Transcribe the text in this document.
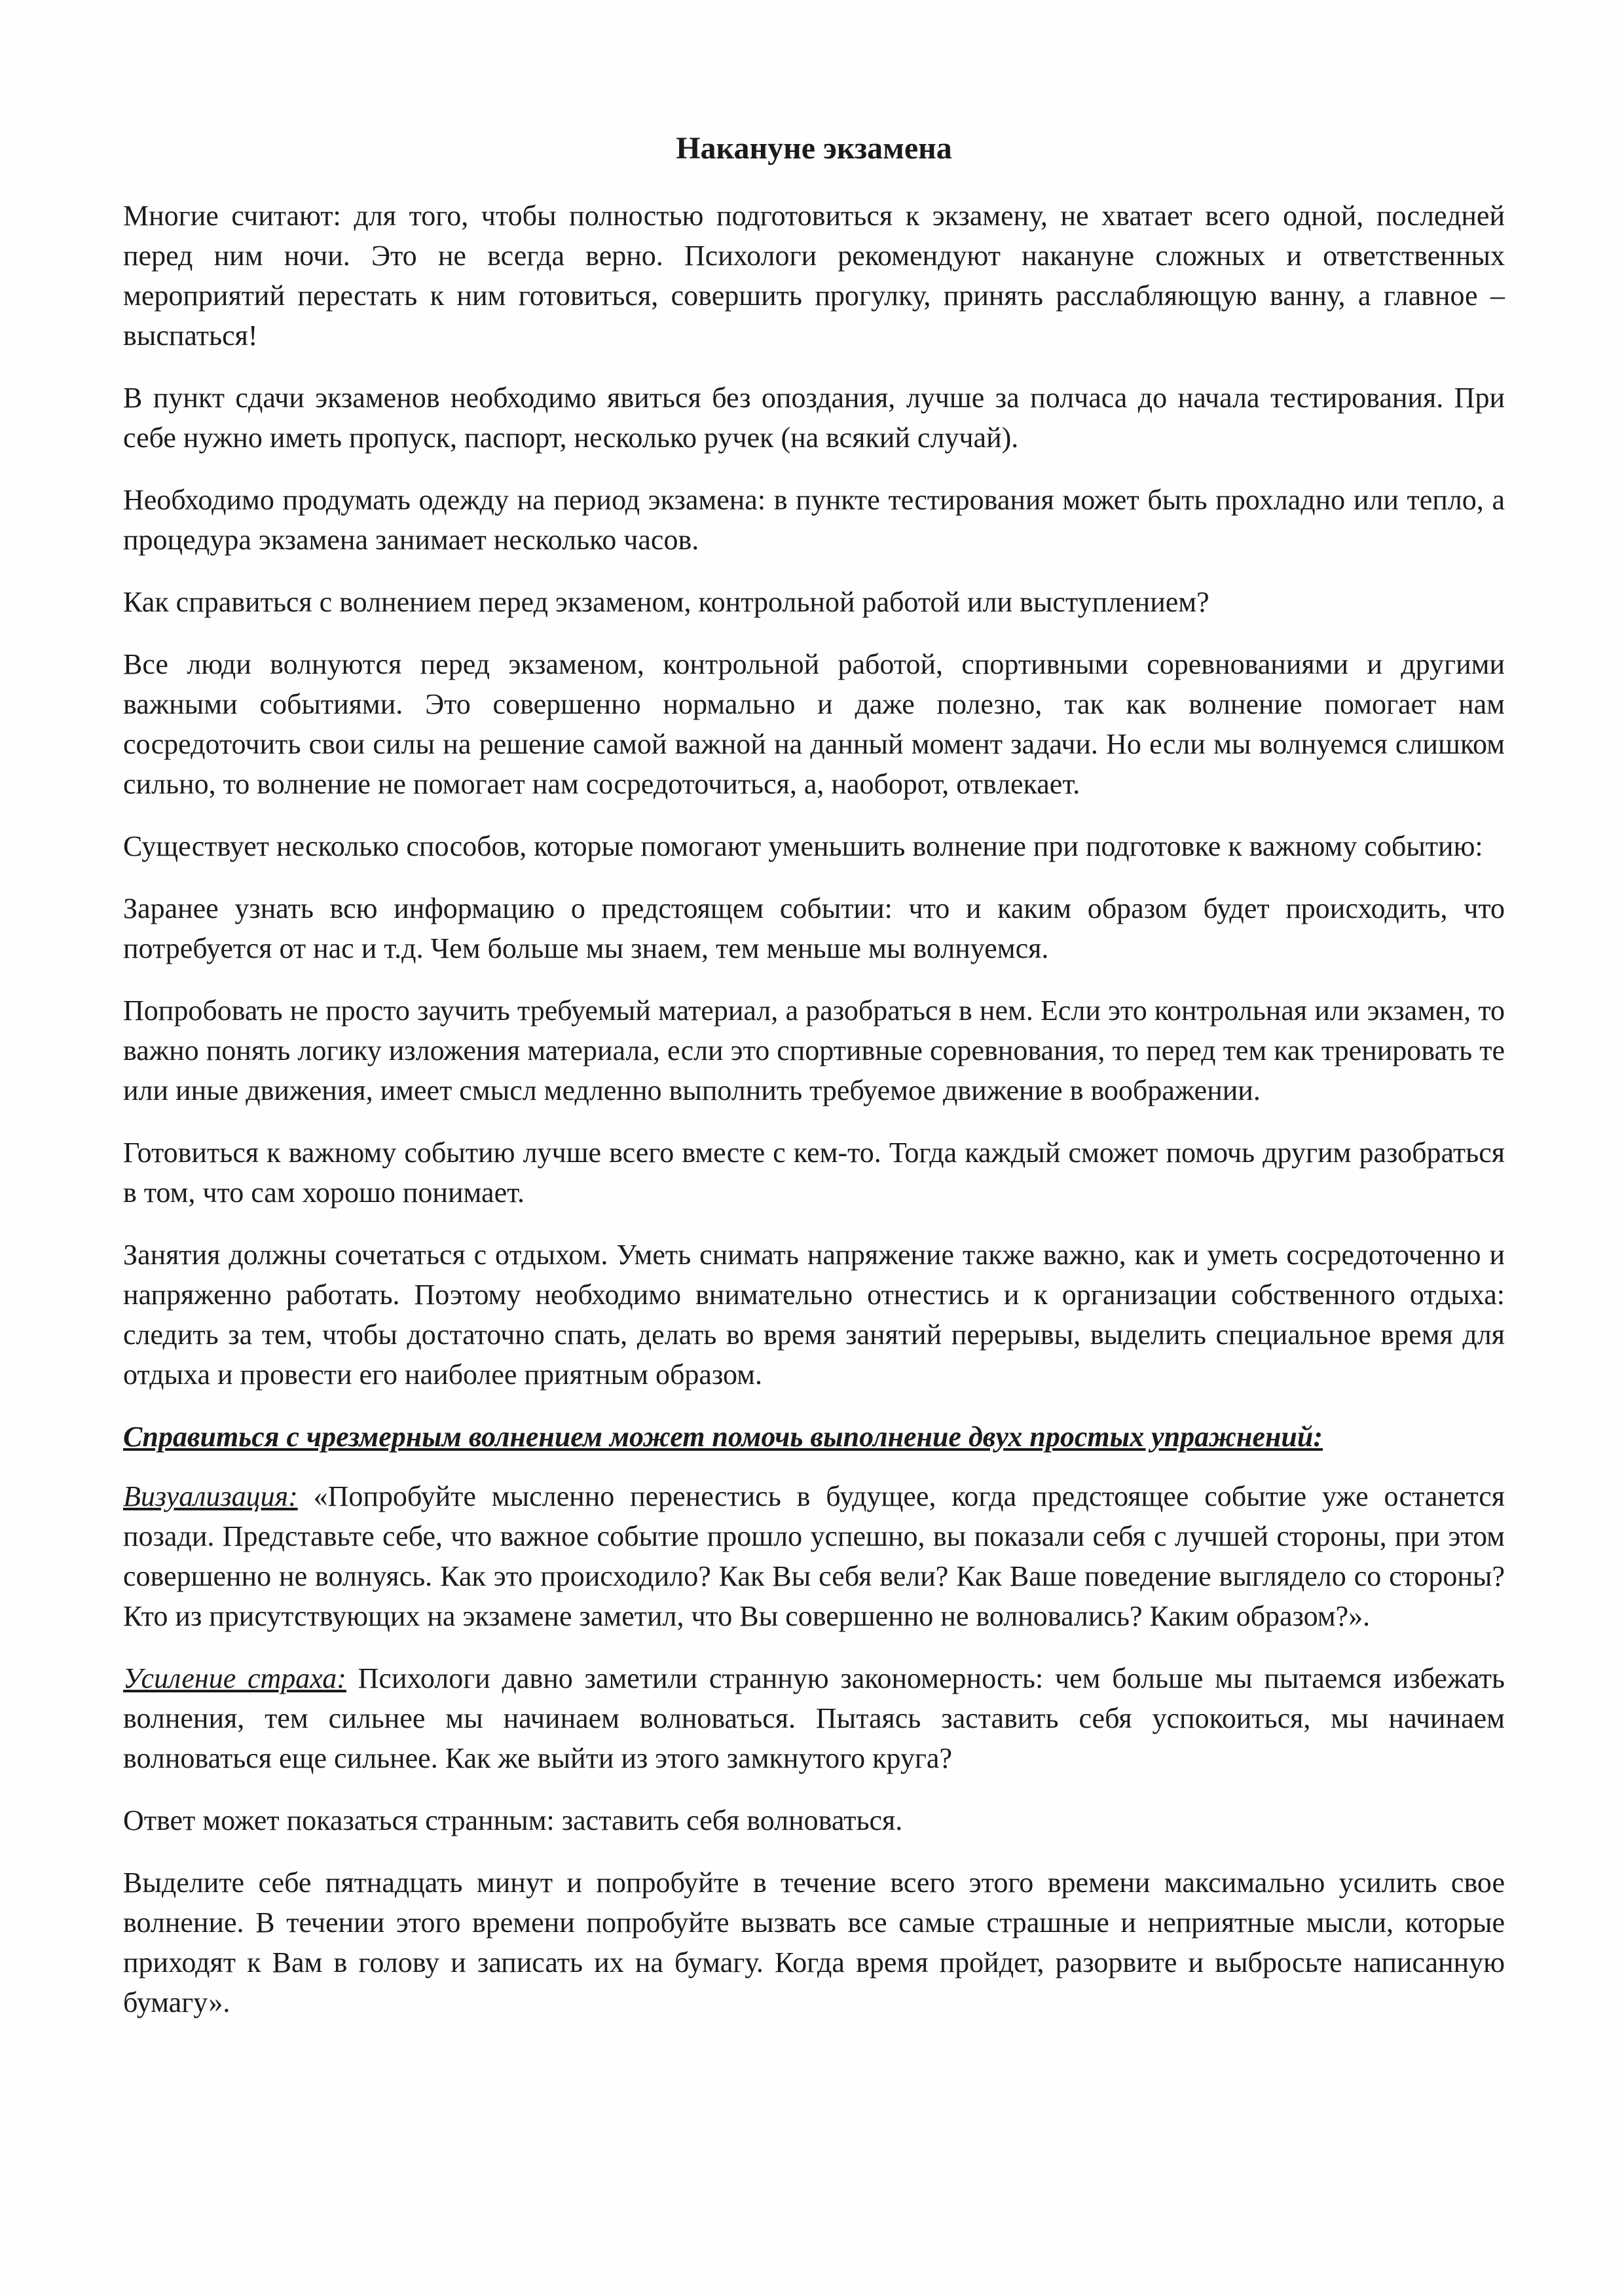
Накануне экзамена

Многие считают: для того, чтобы полностью подготовиться к экзамену, не хватает всего одной, последней перед ним ночи. Это не всегда верно. Психологи рекомендуют накануне сложных и ответственных мероприятий перестать к ним готовиться, совершить прогулку, принять расслабляющую ванну, а главное – выспаться!

В пункт сдачи экзаменов необходимо явиться без опоздания, лучше за полчаса до начала тестирования. При себе нужно иметь пропуск, паспорт, несколько ручек (на всякий случай).

Необходимо продумать одежду на период экзамена: в пункте тестирования может быть прохладно или тепло, а процедура экзамена занимает несколько часов.

Как справиться с волнением перед экзаменом, контрольной работой или выступлением?

Все люди волнуются перед экзаменом, контрольной работой, спортивными соревнованиями и другими важными событиями. Это совершенно нормально и даже полезно, так как волнение помогает нам сосредоточить свои силы на решение самой важной на данный момент задачи. Но если мы волнуемся слишком сильно, то волнение не помогает нам сосредоточиться, а, наоборот, отвлекает.

Существует несколько способов, которые помогают уменьшить волнение при подготовке к важному событию:

Заранее узнать всю информацию о предстоящем событии: что и каким образом будет происходить, что потребуется от нас и т.д. Чем больше мы знаем, тем меньше мы волнуемся.

Попробовать не просто заучить требуемый материал, а разобраться в нем. Если это контрольная или экзамен, то важно понять логику изложения материала, если это спортивные соревнования, то перед тем как тренировать те или иные движения, имеет смысл медленно выполнить требуемое движение в воображении.

Готовиться к важному событию лучше всего вместе с кем-то. Тогда каждый сможет помочь другим разобраться в том, что сам хорошо понимает.

Занятия должны сочетаться с отдыхом. Уметь снимать напряжение также важно, как и уметь сосредоточенно и напряженно работать. Поэтому необходимо внимательно отнестись и к организации собственного отдыха: следить за тем, чтобы достаточно спать, делать во время занятий перерывы, выделить специальное время для отдыха и провести его наиболее приятным образом.

Справиться с чрезмерным волнением может помочь выполнение двух простых упражнений:

Визуализация: «Попробуйте мысленно перенестись в будущее, когда предстоящее событие уже останется позади. Представьте себе, что важное событие прошло успешно, вы показали себя с лучшей стороны, при этом совершенно не волнуясь. Как это происходило? Как Вы себя вели? Как Ваше поведение выглядело со стороны? Кто из присутствующих на экзамене заметил, что Вы совершенно не волновались? Каким образом?».

Усиление страха: Психологи давно заметили странную закономерность: чем больше мы пытаемся избежать волнения, тем сильнее мы начинаем волноваться. Пытаясь заставить себя успокоиться, мы начинаем волноваться еще сильнее. Как же выйти из этого замкнутого круга?

Ответ может показаться странным: заставить себя волноваться.

Выделите себе пятнадцать минут и попробуйте в течение всего этого времени максимально усилить свое волнение. В течении этого времени попробуйте вызвать все самые страшные и неприятные мысли, которые приходят к Вам в голову и записать их на бумагу. Когда время пройдет, разорвите и выбросьте написанную бумагу».
